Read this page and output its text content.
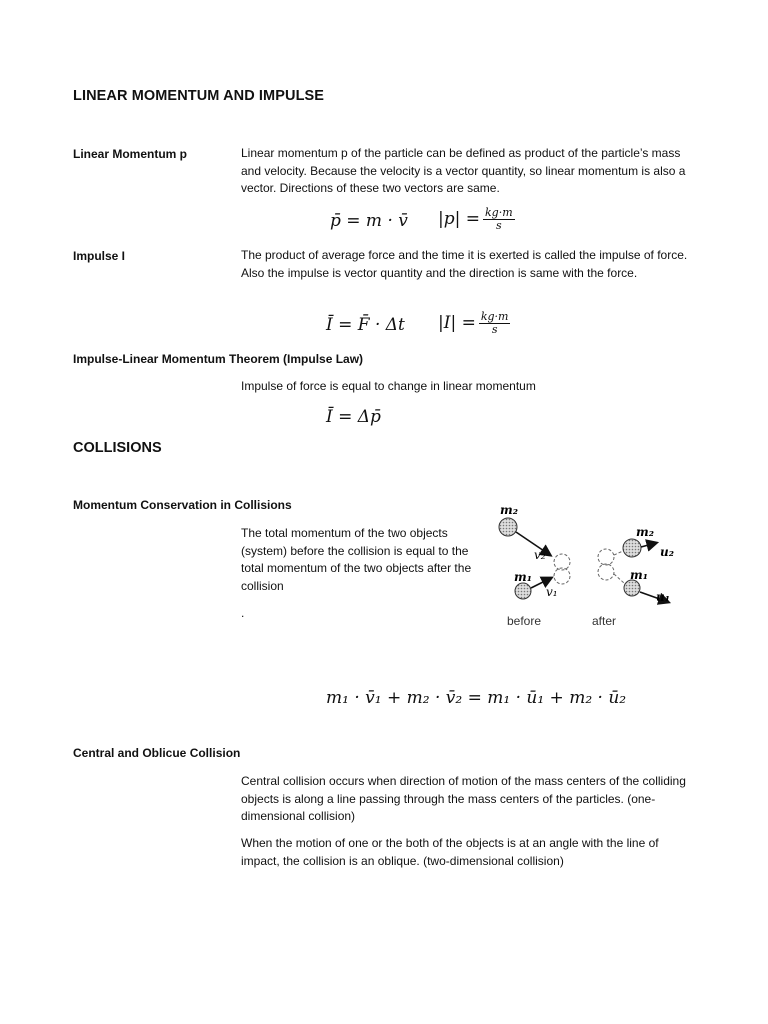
LINEAR MOMENTUM AND IMPULSE
Linear Momentum p	Linear momentum p of the particle can be defined as product of the particle’s mass and velocity. Because the velocity is a vector quantity, so linear momentum is also a vector. Directions of these two vectors are same.
p̄ = m · v̄ $|p| = \frac{kg\cdot m}{s}$
Impulse I	The product of average force and the time it is exerted is called the impulse of force. Also the impulse is vector quantity and the direction is same with the force.
Ī = F̄ · Δt $|I| = \frac{kg\cdot m}{s}$
Impulse-Linear Momentum Theorem (Impulse Law)
Impulse of force is equal to change in linear momentum
Ī = Δp̄
COLLISIONS
Momentum Conservation in Collisions
The total momentum of the two objects (system) before the collision is equal to the total momentum of the two objects after the collision
.
m₂
m₁
v₂
v₁
m₂
m₁
u₂
u₁
before	after
m₁ · v̄₁ + m₂ · v̄₂ = m₁ · ū₁ + m₂ · ū₂
Central and Oblicue Collision
Central collision occurs when direction of motion of the mass centers of the colliding objects is along a line passing through the mass centers of the particles. (one-dimensional collision)
When the motion of one or the both of the objects is at an angle with the line of impact, the collision is an oblique. (two-dimensional collision)
